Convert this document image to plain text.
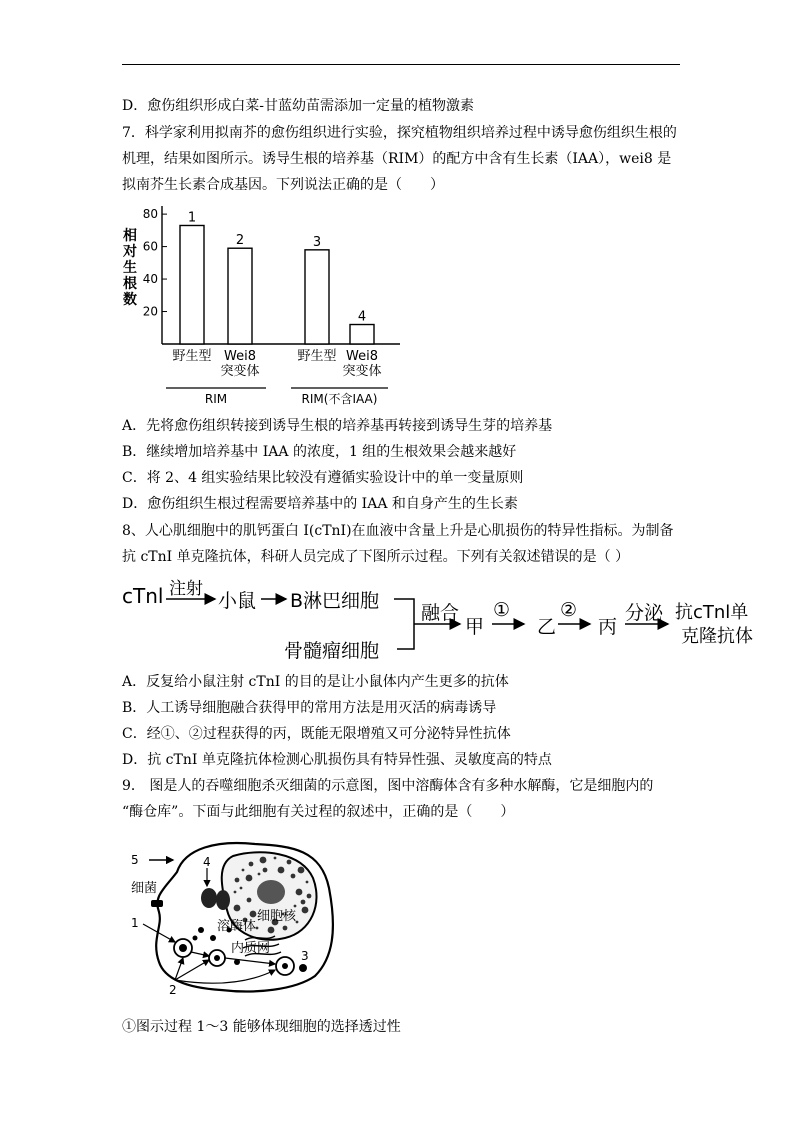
D．愈伤组织形成白菜-甘蓝幼苗需添加一定量的植物激素
7．科学家利用拟南芥的愈伤组织进行实验，探究植物组织培养过程中诱导愈伤组织生根的
机理，结果如图所示。诱导生根的培养基（RIM）的配方中含有生长素（IAA），wei8 是
拟南芥生长素合成基因。下列说法正确的是（　　）
20
40
60
80
相
对
生
根
数
1
野生型
2
Wei8
突变体
3
野生型
4
Wei8
突变体
RIM	RIM(不含IAA)
A．先将愈伤组织转接到诱导生根的培养基再转接到诱导生芽的培养基
B．继续增加培养基中 IAA 的浓度，1 组的生根效果会越来越好
C．将 2、4 组实验结果比较没有遵循实验设计中的单一变量原则
D．愈伤组织生根过程需要培养基中的 IAA 和自身产生的生长素
8、人心肌细胞中的肌钙蛋白 I(cTnI)在血液中含量上升是心肌损伤的特异性指标。为制备
抗 cTnI 单克隆抗体，科研人员完成了下图所示过程。下列有关叙述错误的是（ ）
cTnl 注射
小鼠 B淋巴细胞
骨髓瘤细胞
融合
甲
①
乙
②
丙
分泌 抗cTnl单
克隆抗体
A．反复给小鼠注射 cTnI 的目的是让小鼠体内产生更多的抗体
B．人工诱导细胞融合获得甲的常用方法是用灭活的病毒诱导
C．经①、②过程获得的丙，既能无限增殖又可分泌特异性抗体
D．抗 cTnI 单克隆抗体检测心肌损伤具有特异性强、灵敏度高的特点
9． 图是人的吞噬细胞杀灭细菌的示意图，图中溶酶体含有多种水解酶，它是细胞内的
“酶仓库”。下面与此细胞有关过程的叙述中，正确的是（　　）
5	4
1
2
3
细菌
溶酶体
细胞核
内质网
①图示过程 1～3 能够体现细胞的选择透过性
